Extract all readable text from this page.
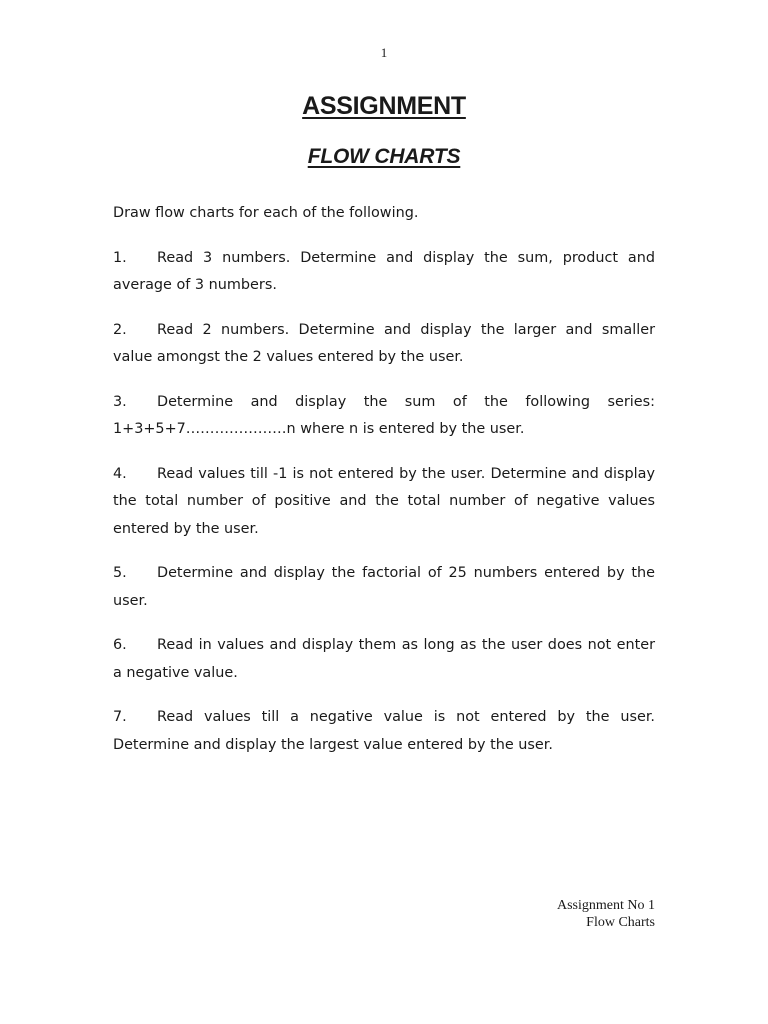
1
ASSIGNMENT
FLOW CHARTS

Draw flow charts for each of the following.

1. Read 3 numbers. Determine and display the sum, product and average of 3 numbers.

2. Read 2 numbers. Determine and display the larger and smaller value amongst the 2 values entered by the user.

3. Determine and display the sum of the following series: 1+3+5+7…………………n where n is entered by the user.

4. Read values till -1 is not entered by the user. Determine and display the total number of positive and the total number of negative values entered by the user.

5. Determine and display the factorial of 25 numbers entered by the user.

6. Read in values and display them as long as the user does not enter a negative value.

7. Read values till a negative value is not entered by the user. Determine and display the largest value entered by the user.

Assignment No 1
Flow Charts
